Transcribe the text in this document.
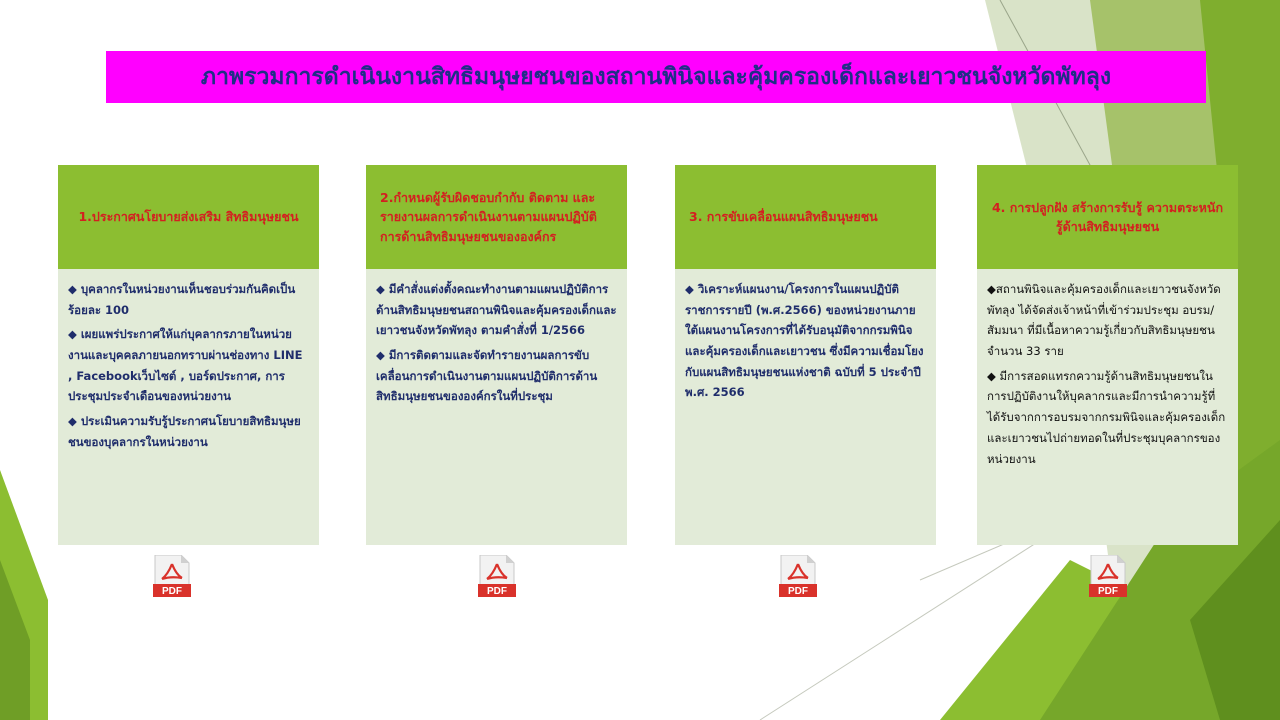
ภาพรวมการดำเนินงานสิทธิมนุษยชนของสถานพินิจและคุ้มครองเด็กและเยาวชนจังหวัดพัทลุง
1.ประกาศนโยบายส่งเสริม สิทธิมนุษยชน

◆ บุคลากรในหน่วยงานเห็นชอบร่วมกันคิดเป็นร้อยละ 100

◆ เผยแพร่ประกาศให้แก่บุคลากรภายในหน่วยงานและบุคคลภายนอกทราบผ่านช่องทาง LINE , Facebookเว็บไซต์ , บอร์ดประกาศ, การประชุมประจำเดือนของหน่วยงาน

◆ ประเมินความรับรู้ประกาศนโยบายสิทธิมนุษยชนของบุคลากรในหน่วยงาน

2.กำหนดผู้รับผิดชอบกำกับ ติดตาม และรายงานผลการดำเนินงานตามแผนปฏิบัติการด้านสิทธิมนุษยชนขององค์กร

◆ มีคำสั่งแต่งตั้งคณะทำงานตามแผนปฏิบัติการด้านสิทธิมนุษยชนสถานพินิจและคุ้มครองเด็กและเยาวชนจังหวัดพัทลุง ตามคำสั่งที่ 1/2566

◆ มีการติดตามและจัดทำรายงานผลการขับเคลื่อนการดำเนินงานตามแผนปฏิบัติการด้านสิทธิมนุษยชนขององค์กรในที่ประชุม

3. การขับเคลื่อนแผนสิทธิมนุษยชน

◆ วิเคราะห์แผนงาน/โครงการในแผนปฏิบัติราชการรายปี (พ.ศ.2566) ของหน่วยงานภายใต้แผนงานโครงการที่ได้รับอนุมัติจากกรมพินิจและคุ้มครองเด็กและเยาวชน ซึ่งมีความเชื่อมโยงกับแผนสิทธิมนุษยชนแห่งชาติ ฉบับที่ 5 ประจำปี พ.ศ. 2566

4. การปลูกฝัง สร้างการรับรู้ ความตระหนักรู้ด้านสิทธิมนุษยชน

◆สถานพินิจและคุ้มครองเด็กและเยาวชนจังหวัดพัทลุง ได้จัดส่งเจ้าหน้าที่เข้าร่วมประชุม อบรม/สัมมนา ที่มีเนื้อหาความรู้เกี่ยวกับสิทธิมนุษยชน จำนวน 33 ราย

◆ มีการสอดแทรกความรู้ด้านสิทธิมนุษยชนในการปฏิบัติงานให้บุคลากรและมีการนำความรู้ที่ได้รับจากการอบรมจากกรมพินิจและคุ้มครองเด็กและเยาวชนไปถ่ายทอดในที่ประชุมบุคลากรของหน่วยงาน

PDF	PDF	PDF	PDF
